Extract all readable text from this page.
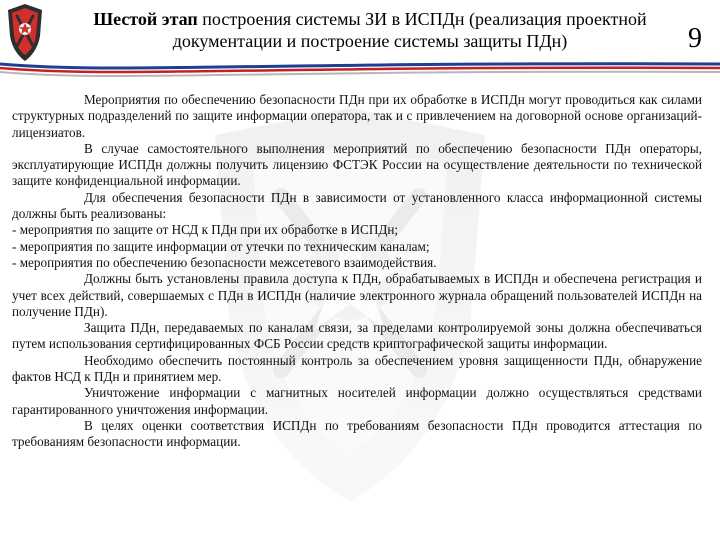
Шестой этап построения системы ЗИ в ИСПДн (реализация проектной документации и построение системы защиты ПДн)	9

Мероприятия по обеспечению безопасности ПДн при их обработке в ИСПДн могут проводиться как силами структурных подразделений по защите информации оператора, так и с привлечением на договорной основе организаций-лицензиатов.

В случае самостоятельного выполнения мероприятий по обеспечению безопасности ПДн операторы, эксплуатирующие ИСПДн должны получить лицензию ФСТЭК России на осуществление деятельности по технической защите конфиденциальной информации.

Для обеспечения безопасности ПДн в зависимости от установленного класса информационной системы должны быть реализованы:

- мероприятия по защите от НСД к ПДн при их обработке в ИСПДн;

- мероприятия по защите информации от утечки по техническим каналам;

- мероприятия по обеспечению безопасности межсетевого взаимодействия.

Должны быть установлены правила доступа к ПДн, обрабатываемых в ИСПДн и обеспечена регистрация и учет всех действий, совершаемых с ПДн в ИСПДн (наличие электронного журнала обращений пользователей ИСПДн на получение ПДн).

Защита ПДн, передаваемых по каналам связи, за пределами контролируемой зоны должна обеспечиваться путем использования сертифицированных ФСБ России средств криптографической защиты информации.

Необходимо обеспечить постоянный контроль за обеспечением уровня защищенности ПДн, обнаружение фактов НСД к ПДн и принятием мер.

Уничтожение информации с магнитных носителей информации должно осуществляться средствами гарантированного уничтожения информации.

В целях оценки соответствия ИСПДн по требованиям безопасности ПДн проводится аттестация по требованиям безопасности информации.
